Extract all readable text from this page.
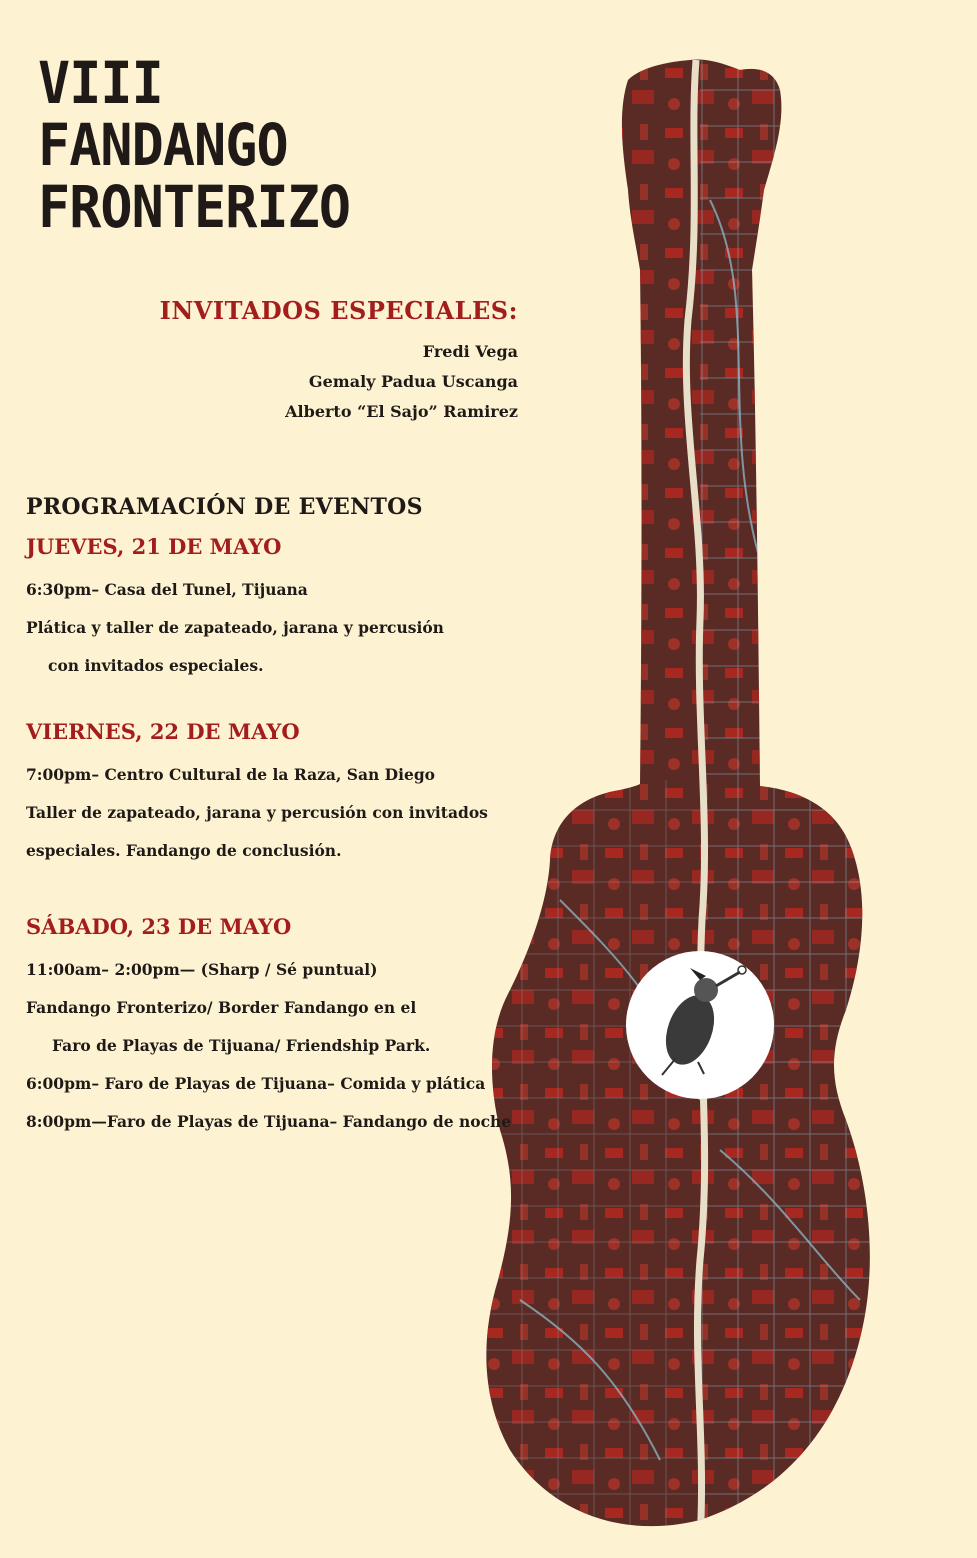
VIII
FANDANGO
FRONTERIZO
INVITADOS ESPECIALES:
Fredi Vega
Gemaly Padua Uscanga
Alberto “El Sajo” Ramirez
PROGRAMACIÓN DE EVENTOS
JUEVES, 21 DE MAYO
6:30pm– Casa del Tunel, Tijuana
Plática y taller de zapateado, jarana y percusión
con invitados especiales.
VIERNES, 22 DE MAYO
7:00pm– Centro Cultural de la Raza, San Diego
Taller de zapateado, jarana y percusión con invitados
especiales. Fandango de conclusión.
SÁBADO, 23 DE MAYO
11:00am– 2:00pm— (Sharp / Sé puntual)
Fandango Fronterizo/ Border Fandango en el
Faro de Playas de Tijuana/ Friendship Park.
6:00pm– Faro de Playas de Tijuana– Comida y plática
8:00pm—Faro de Playas de Tijuana– Fandango de noche
